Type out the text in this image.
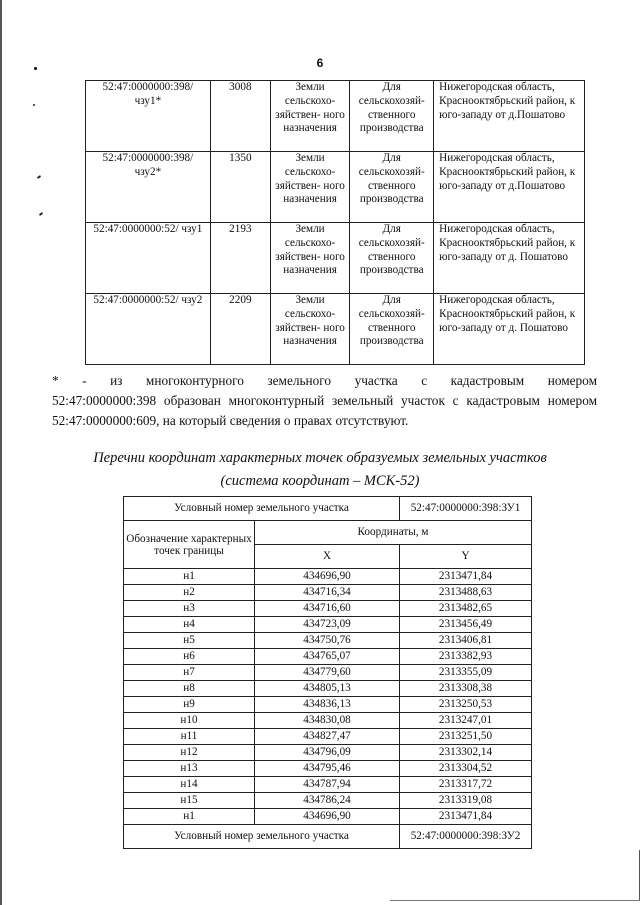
6
52:47:0000000:398/ чзу1*	3008	Земли сельскохо- зяйствен- ного назначения	Для сельскохозяй- ственного производства	Нижегородская область, Краснооктябрьский район, к юго-западу от д.Пошатово
52:47:0000000:398/ чзу2*	1350	Земли сельскохо- зяйствен- ного назначения	Для сельскохозяй- ственного производства	Нижегородская область, Краснооктябрьский район, к юго-западу от д.Пошатово
52:47:0000000:52/ чзу1	2193	Земли сельскохо- зяйствен- ного назначения	Для сельскохозяй- ственного производства	Нижегородская область, Краснооктябрьский район, к юго-западу от д. Пошатово
52:47:0000000:52/ чзу2	2209	Земли сельскохо- зяйствен- ного назначения	Для сельскохозяй- ственного производства	Нижегородская область, Краснооктябрьский район, к юго-западу от д. Пошатово
* - из многоконтурного земельного участка с кадастровым номером
52:47:0000000:398 образован многоконтурный земельный участок с кадастровым номером 52:47:0000000:609, на который сведения о правах отсутствуют.
Перечни координат характерных точек образуемых земельных участков
(система координат – МСК-52)
Условный номер земельного участка		52:47:0000000:398:ЗУ1
Обозначение характерных точек границы	Координаты, м	
	X	Y
н1	434696,90	2313471,84
н2	434716,34	2313488,63
н3	434716,60	2313482,65
н4	434723,09	2313456,49
н5	434750,76	2313406,81
н6	434765,07	2313382,93
н7	434779,60	2313355,09
н8	434805,13	2313308,38
н9	434836,13	2313250,53
н10	434830,08	2313247,01
н11	434827,47	2313251,50
н12	434796,09	2313302,14
н13	434795,46	2313304,52
н14	434787,94	2313317,72
н15	434786,24	2313319,08
н1	434696,90	2313471,84
Условный номер земельного участка		52:47:0000000:398:ЗУ2
